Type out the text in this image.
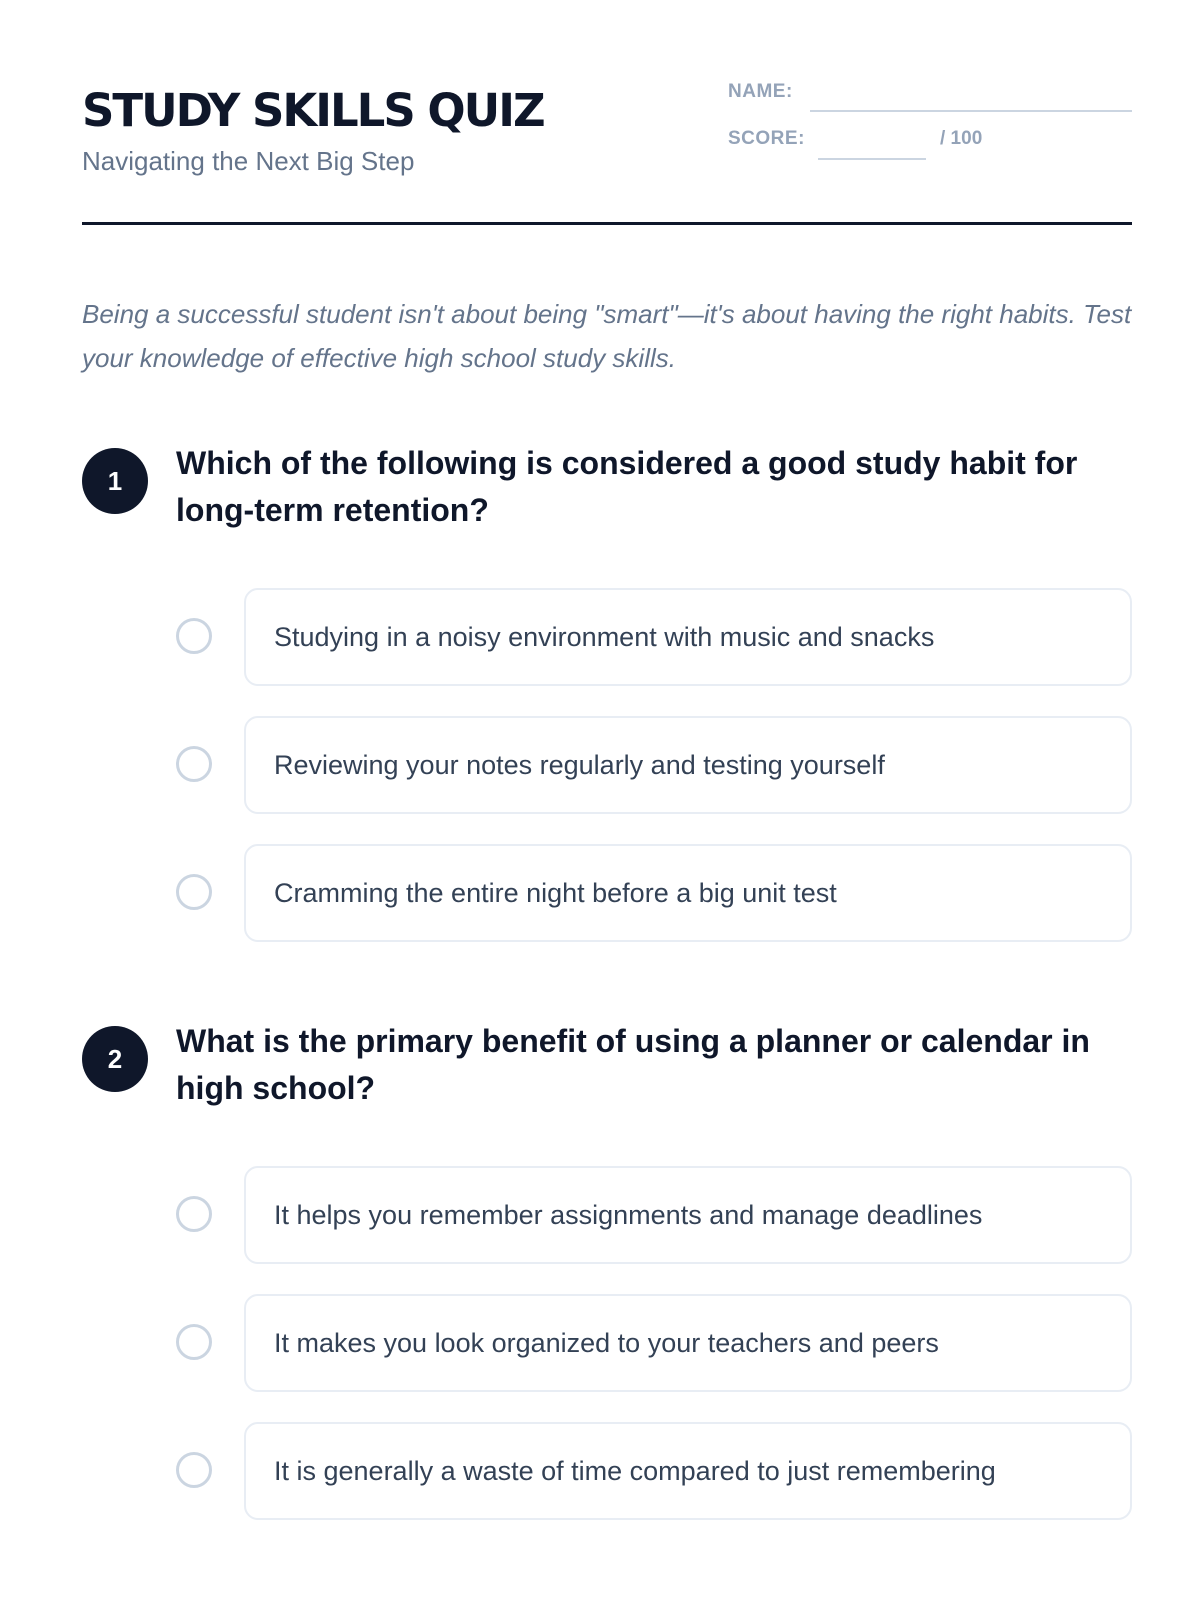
STUDY SKILLS QUIZ
Navigating the Next Big Step
NAME:
SCORE:	/ 100

Being a successful student isn't about being "smart"—it's about having the right habits. Test your knowledge of effective high school study skills.

1	Which of the following is considered a good study habit for long-term retention?

Studying in a noisy environment with music and snacks
Reviewing your notes regularly and testing yourself
Cramming the entire night before a big unit test
2	What is the primary benefit of using a planner or calendar in high school?

It helps you remember assignments and manage deadlines
It makes you look organized to your teachers and peers
It is generally a waste of time compared to just remembering
